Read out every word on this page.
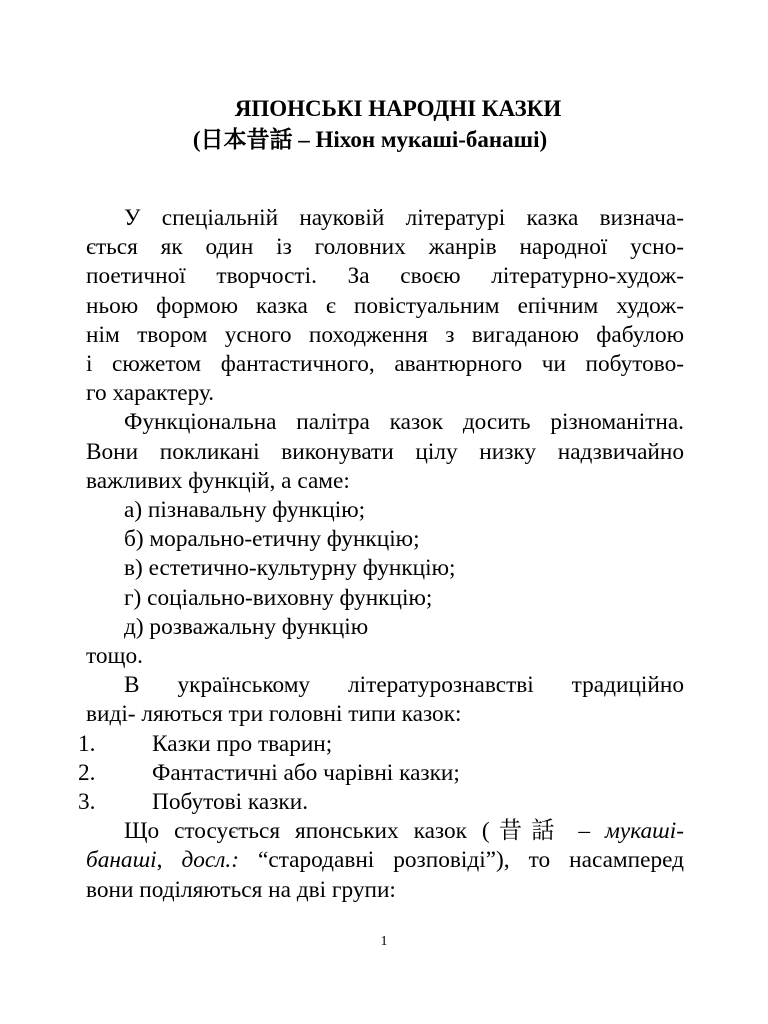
ЯПОНСЬКІ НАРОДНІ КАЗКИ
(日本昔話 – Ніхон мукаші-банаші)
У спеціальній науковій літературі казка визнача-
ється як один із головних жанрів народної усно-
поетичної творчості. За своєю літературно-худож-
ньою формою казка є повістуальним епічним худож-
нім твором усного походження з вигаданою фабулою
і сюжетом фантастичного, авантюрного чи побутово-
го характеру.
Функціональна палітра казок досить різноманітна.
Вони покликані виконувати цілу низку надзвичайно
важливих функцій, а саме:
а) пізнавальну функцію;
б) морально-етичну функцію;
в) естетично-культурну функцію;
г) соціально-виховну функцію;
д) розважальну функцію
тощо.
В українському літературознавстві традиційно
виді- ляються три головні типи казок:
1. Казки про тварин;
2. Фантастичні або чарівні казки;
3. Побутові казки.
Що стосується японських казок (昔話 – мукаші-
банаші, досл.: “стародавні розповіді”), то насамперед
вони поділяються на дві групи:
1
